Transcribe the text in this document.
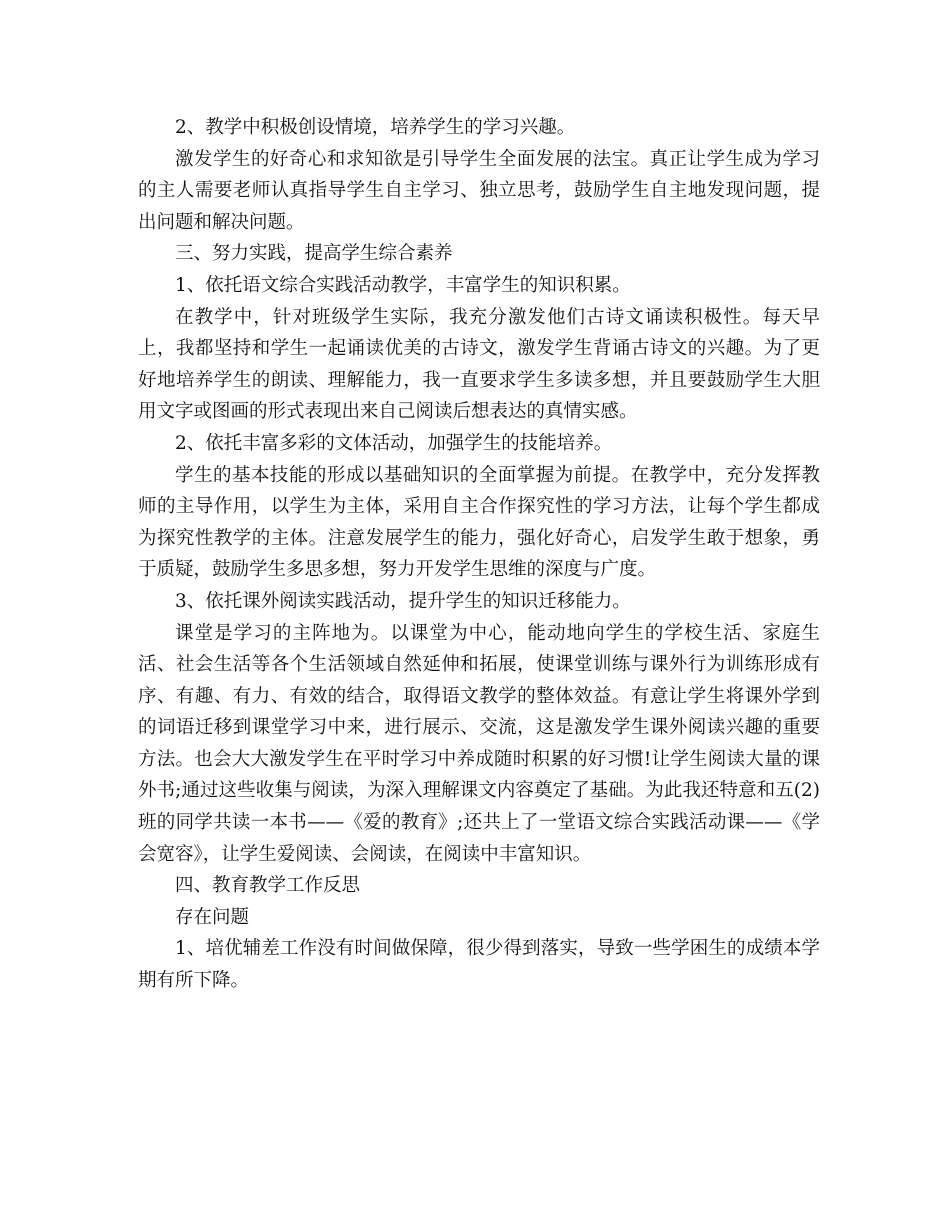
2、教学中积极创设情境，培养学生的学习兴趣。

激发学生的好奇心和求知欲是引导学生全面发展的法宝。真正让学生成为学习的主人需要老师认真指导学生自主学习、独立思考，鼓励学生自主地发现问题，提出问题和解决问题。

三、努力实践，提高学生综合素养

1、依托语文综合实践活动教学，丰富学生的知识积累。

在教学中，针对班级学生实际，我充分激发他们古诗文诵读积极性。每天早上，我都坚持和学生一起诵读优美的古诗文，激发学生背诵古诗文的兴趣。为了更好地培养学生的朗读、理解能力，我一直要求学生多读多想，并且要鼓励学生大胆用文字或图画的形式表现出来自己阅读后想表达的真情实感。

2、依托丰富多彩的文体活动，加强学生的技能培养。

学生的基本技能的形成以基础知识的全面掌握为前提。在教学中，充分发挥教师的主导作用，以学生为主体，采用自主合作探究性的学习方法，让每个学生都成为探究性教学的主体。注意发展学生的能力，强化好奇心，启发学生敢于想象，勇于质疑，鼓励学生多思多想，努力开发学生思维的深度与广度。

3、依托课外阅读实践活动，提升学生的知识迁移能力。

课堂是学习的主阵地为。以课堂为中心，能动地向学生的学校生活、家庭生活、社会生活等各个生活领域自然延伸和拓展，使课堂训练与课外行为训练形成有序、有趣、有力、有效的结合，取得语文教学的整体效益。有意让学生将课外学到的词语迁移到课堂学习中来，进行展示、交流，这是激发学生课外阅读兴趣的重要方法。也会大大激发学生在平时学习中养成随时积累的好习惯!让学生阅读大量的课外书;通过这些收集与阅读，为深入理解课文内容奠定了基础。为此我还特意和五(2)班的同学共读一本书——《爱的教育》;还共上了一堂语文综合实践活动课——《学会宽容》，让学生爱阅读、会阅读，在阅读中丰富知识。

四、教育教学工作反思

存在问题

1、培优辅差工作没有时间做保障，很少得到落实，导致一些学困生的成绩本学期有所下降。
